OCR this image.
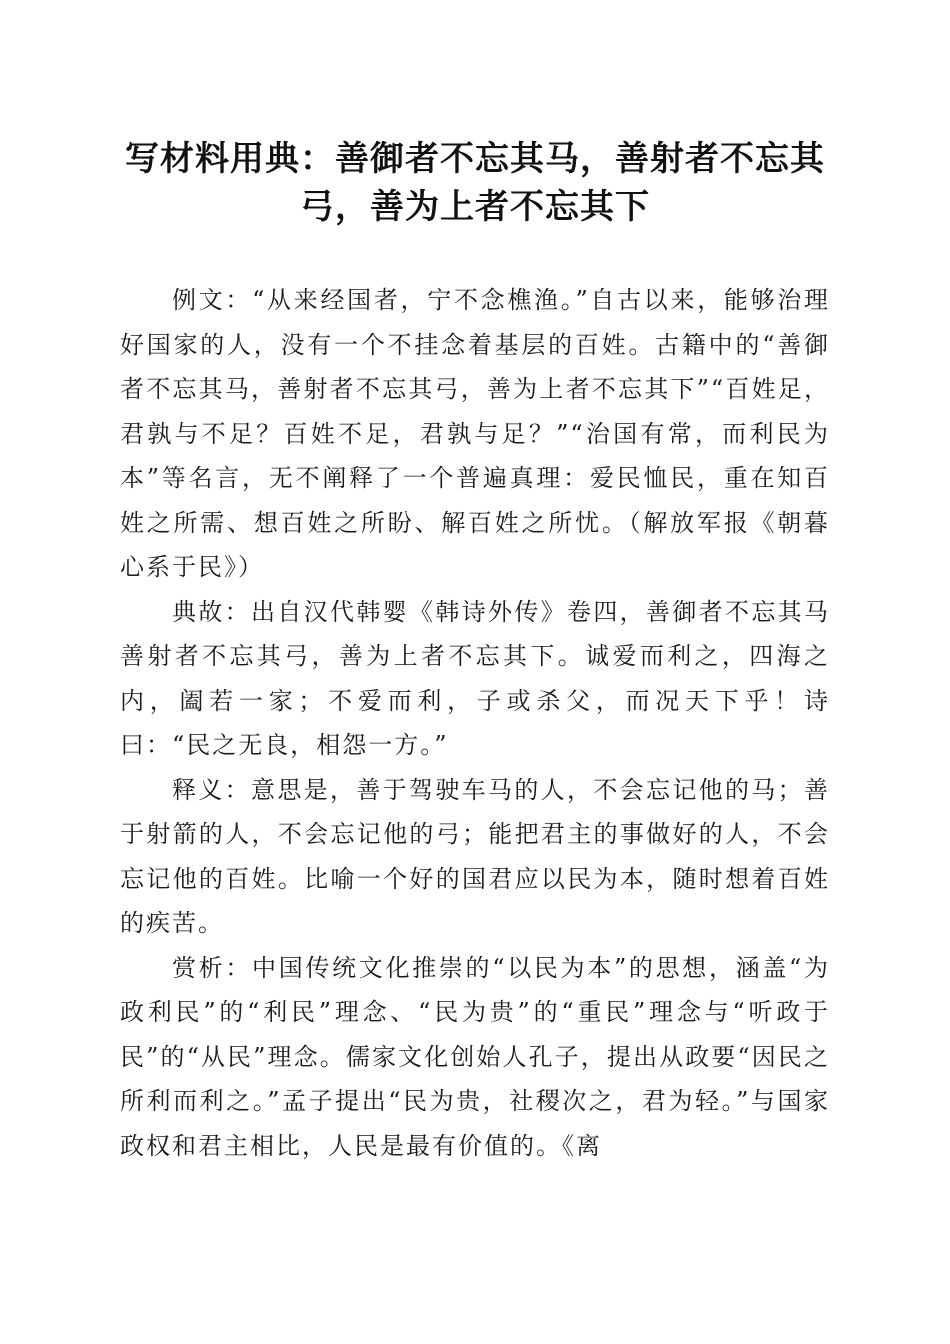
写材料用典：善御者不忘其马，善射者不忘其弓，善为上者不忘其下

例文：“从来经国者，宁不念樵渔。”自古以来，能够治理好国家的人，没有一个不挂念着基层的百姓。古籍中的“善御者不忘其马，善射者不忘其弓，善为上者不忘其下”“百姓足，君孰与不足？百姓不足，君孰与足？”“治国有常，而利民为本”等名言，无不阐释了一个普遍真理：爱民恤民，重在知百姓之所需、想百姓之所盼、解百姓之所忧。（解放军报《朝暮心系于民》）

典故：出自汉代韩婴《韩诗外传》卷四，善御者不忘其马善射者不忘其弓，善为上者不忘其下。诚爱而利之，四海之内，阖若一家；不爱而利，子或杀父，而况天下乎！诗曰：“民之无良，相怨一方。”

释义：意思是，善于驾驶车马的人，不会忘记他的马；善于射箭的人，不会忘记他的弓；能把君主的事做好的人，不会忘记他的百姓。比喻一个好的国君应以民为本，随时想着百姓的疾苦。

赏析：中国传统文化推崇的“以民为本”的思想，涵盖“为政利民”的“利民”理念、“民为贵”的“重民”理念与“听政于民”的“从民”理念。儒家文化创始人孔子，提出从政要“因民之所利而利之。”孟子提出“民为贵，社稷次之，君为轻。”与国家政权和君主相比，人民是最有价值的。《离
